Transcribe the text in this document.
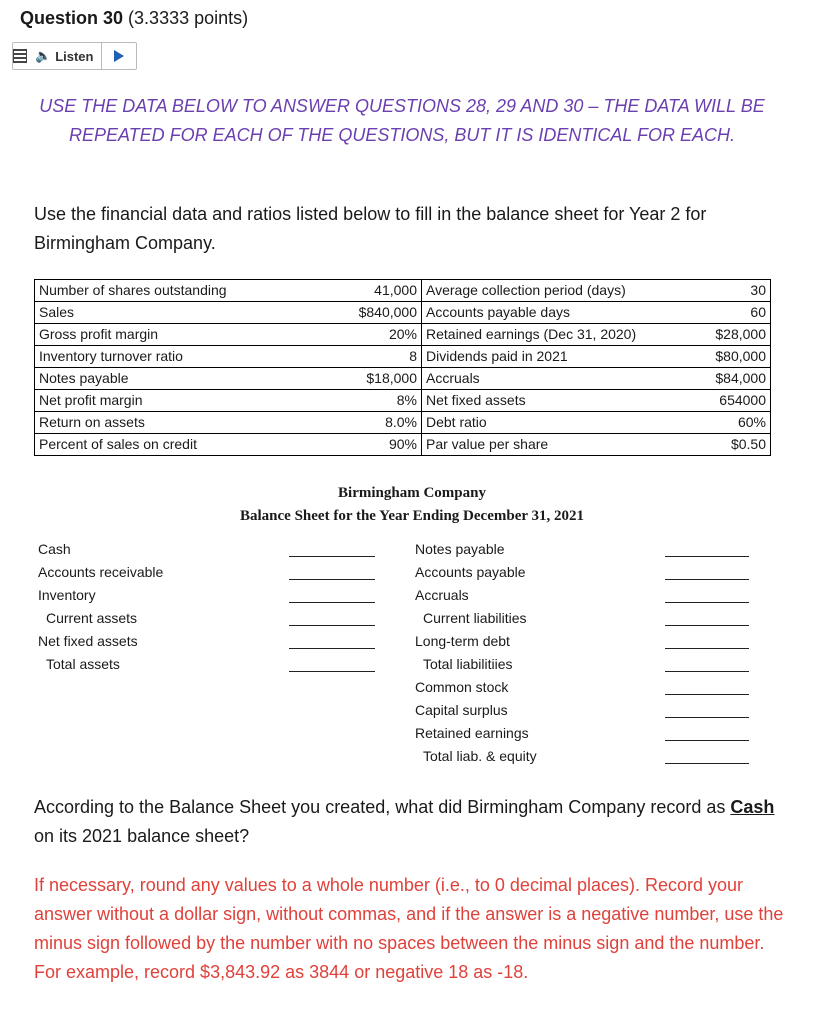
Question 30 (3.3333 points)
🔈 Listen
USE THE DATA BELOW TO ANSWER QUESTIONS 28, 29 AND 30 – THE DATA WILL BE REPEATED FOR EACH OF THE QUESTIONS, BUT IT IS IDENTICAL FOR EACH.
Use the financial data and ratios listed below to fill in the balance sheet for Year 2 for Birmingham Company.
Number of shares outstanding	41,000	Average collection period (days)	30
Sales	$840,000	Accounts payable days	60
Gross profit margin	20%	Retained earnings (Dec 31, 2020)	$28,000
Inventory turnover ratio	8	Dividends paid in 2021	$80,000
Notes payable	$18,000	Accruals	$84,000
Net profit margin	8%	Net fixed assets	654000
Return on assets	8.0%	Debt ratio	60%
Percent of sales on credit	90%	Par value per share	$0.50
Birmingham Company
Balance Sheet for the Year Ending December 31, 2021
Cash
Accounts receivable
Inventory
Current assets
Net fixed assets
Total assets
Notes payable
Accounts payable
Accruals
Current liabilities
Long-term debt
Total liabilitiies
Common stock
Capital surplus
Retained earnings
Total liab. & equity
According to the Balance Sheet you created, what did Birmingham Company record as Cash on its 2021 balance sheet?
If necessary, round any values to a whole number (i.e., to 0 decimal places). Record your answer without a dollar sign, without commas, and if the answer is a negative number, use the minus sign followed by the number with no spaces between the minus sign and the number. For example, record $3,843.92 as 3844 or negative 18 as -18.
